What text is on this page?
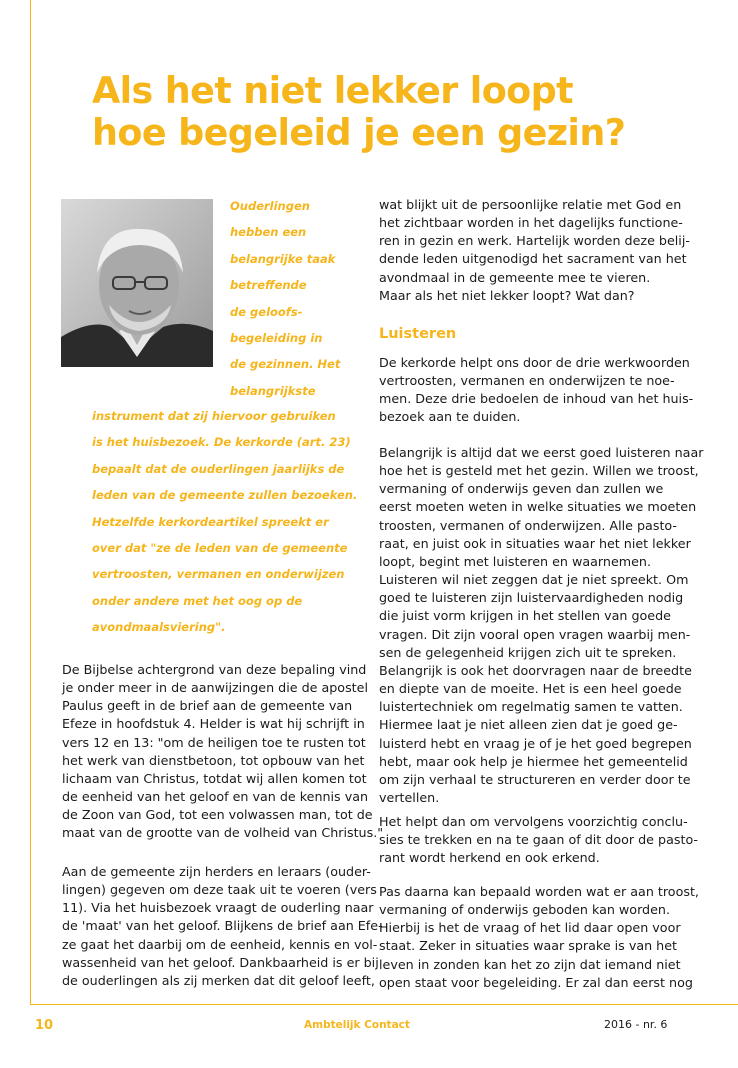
Als het niet lekker loopt
hoe begeleid je een gezin?
Ouderlingen
hebben een
belangrijke taak
betreffende
de geloofs-
begeleiding in
de gezinnen. Het
belangrijkste
instrument dat zij hiervoor gebruiken
is het huisbezoek. De kerkorde (art. 23)
bepaalt dat de ouderlingen jaarlijks de
leden van de gemeente zullen bezoeken.
Hetzelfde kerkordeartikel spreekt er
over dat "ze de leden van de gemeente
vertroosten, vermanen en onderwijzen
onder andere met het oog op de
avondmaalsviering".
De Bijbelse achtergrond van deze bepaling vind
je onder meer in de aanwijzingen die de apostel
Paulus geeft in de brief aan de gemeente van
Efeze in hoofdstuk 4. Helder is wat hij schrijft in
vers 12 en 13: "om de heiligen toe te rusten tot
het werk van dienstbetoon, tot opbouw van het
lichaam van Christus, totdat wij allen komen tot
de eenheid van het geloof en van de kennis van
de Zoon van God, tot een volwassen man, tot de
maat van de grootte van de volheid van Christus."
Aan de gemeente zijn herders en leraars (ouder-
lingen) gegeven om deze taak uit te voeren (vers
11). Via het huisbezoek vraagt de ouderling naar
de 'maat' van het geloof. Blijkens de brief aan Efe-
ze gaat het daarbij om de eenheid, kennis en vol-
wassenheid van het geloof. Dankbaarheid is er bij
de ouderlingen als zij merken dat dit geloof leeft,
wat blijkt uit de persoonlijke relatie met God en
het zichtbaar worden in het dagelijks functione-
ren in gezin en werk. Hartelijk worden deze belij-
dende leden uitgenodigd het sacrament van het
avondmaal in de gemeente mee te vieren.
Maar als het niet lekker loopt? Wat dan?
Luisteren
De kerkorde helpt ons door de drie werkwoorden
vertroosten, vermanen en onderwijzen te noe-
men. Deze drie bedoelen de inhoud van het huis-
bezoek aan te duiden.
Belangrijk is altijd dat we eerst goed luisteren naar
hoe het is gesteld met het gezin. Willen we troost,
vermaning of onderwijs geven dan zullen we
eerst moeten weten in welke situaties we moeten
troosten, vermanen of onderwijzen. Alle pasto-
raat, en juist ook in situaties waar het niet lekker
loopt, begint met luisteren en waarnemen.
Luisteren wil niet zeggen dat je niet spreekt. Om
goed te luisteren zijn luistervaardigheden nodig
die juist vorm krijgen in het stellen van goede
vragen. Dit zijn vooral open vragen waarbij men-
sen de gelegenheid krijgen zich uit te spreken.
Belangrijk is ook het doorvragen naar de breedte
en diepte van de moeite. Het is een heel goede
luistertechniek om regelmatig samen te vatten.
Hiermee laat je niet alleen zien dat je goed ge-
luisterd hebt en vraag je of je het goed begrepen
hebt, maar ook help je hiermee het gemeentelid
om zijn verhaal te structureren en verder door te
vertellen.
Het helpt dan om vervolgens voorzichtig conclu-
sies te trekken en na te gaan of dit door de pasto-
rant wordt herkend en ook erkend.
Pas daarna kan bepaald worden wat er aan troost,
vermaning of onderwijs geboden kan worden.
Hierbij is het de vraag of het lid daar open voor
staat. Zeker in situaties waar sprake is van het
leven in zonden kan het zo zijn dat iemand niet
open staat voor begeleiding. Er zal dan eerst nog
10	Ambtelijk Contact	2016 - nr. 6
